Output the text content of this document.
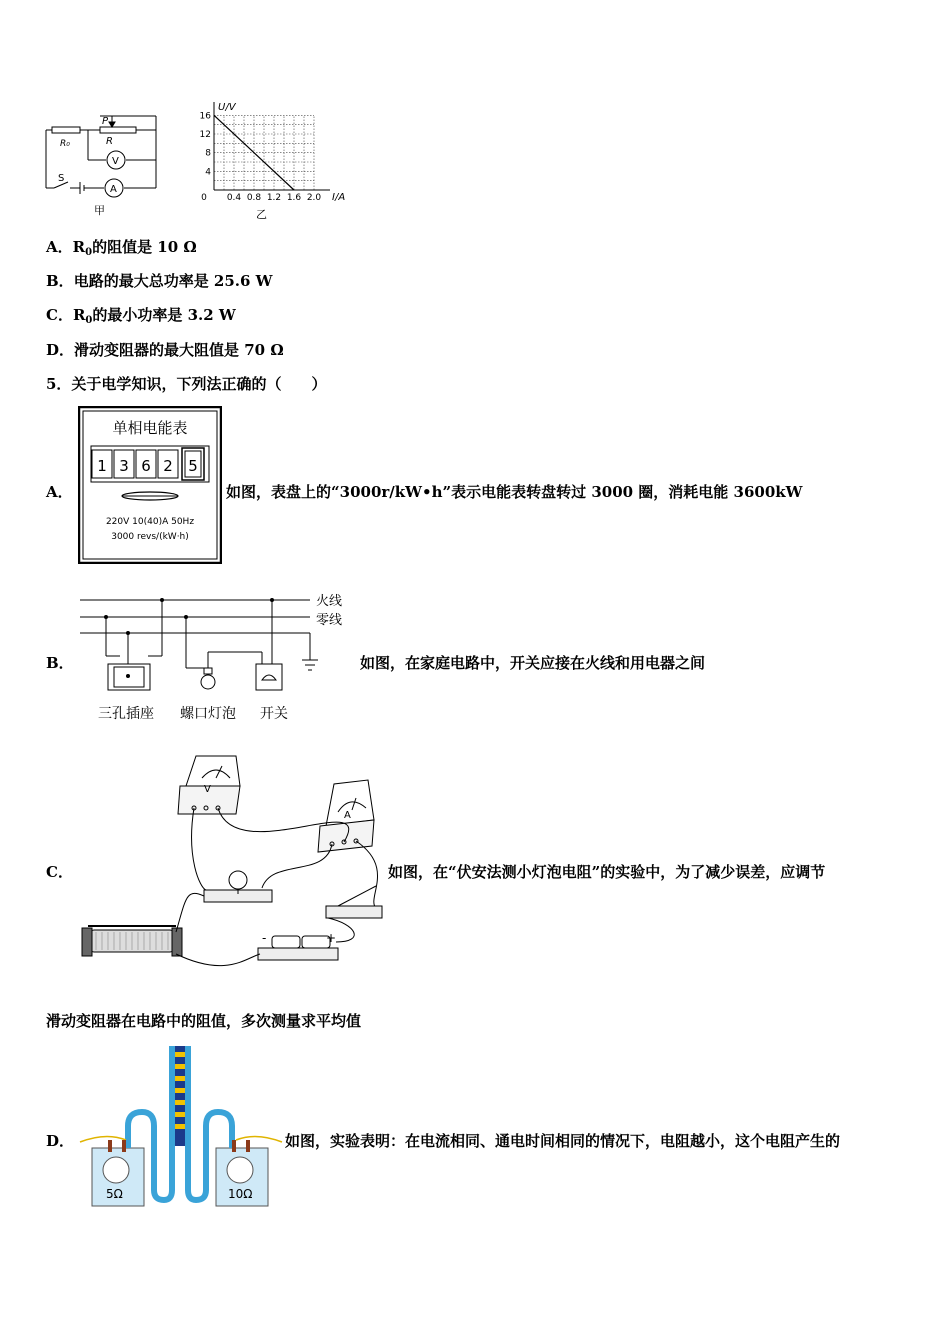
R₀
P
R
V
A
S
甲
16
12
8
4
0 0.4 0.8 1.2 1.6 2.0
U/V
I/A
乙
A．$R_0$的阻值是 10 Ω
B．电路的最大总功率是 25.6 W
C．$R_0$的最小功率是 3.2 W
D．滑动变阻器的最大阻值是 70 Ω
5．关于电学知识，下列法正确的（　　）
A．
单相电能表
1 3 6 2 5
220V 10(40)A 50Hz
3000 revs/(kW·h)
如图，表盘上的“3000r/kW•h”表示电能表转盘转过 3000 圈，消耗电能 3600kW
B．
火线
零线
三孔插座 螺口灯泡 开关
如图，在家庭电路中，开关应接在火线和用电器之间
C．
V
A
-	+
如图，在“伏安法测小灯泡电阻”的实验中，为了减少误差，应调节
滑动变阻器在电路中的阻值，多次测量求平均值
D．
5Ω	10Ω
如图，实验表明：在电流相同、通电时间相同的情况下，电阻越小，这个电阻产生的
